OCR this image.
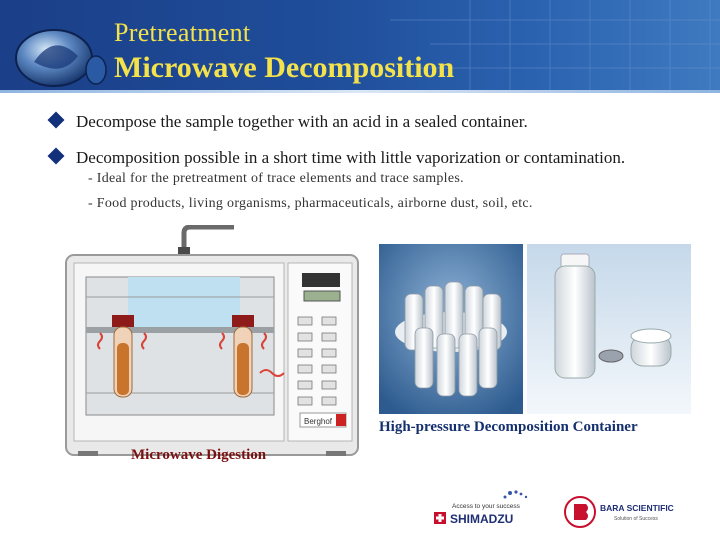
Pretreatment
Microwave Decomposition
Decompose the sample together with an acid in a sealed container.
Decomposition possible in a short time with little vaporization or contamination.
- Ideal for the pretreatment of trace elements and trace samples.
- Food products, living organisms, pharmaceuticals, airborne dust, soil, etc.
Berghof	High-pressure Decomposition Container
Microwave Digestion
Access to your success
SHIMADZU
BARA SCIENTIFIC
Solution of Success
